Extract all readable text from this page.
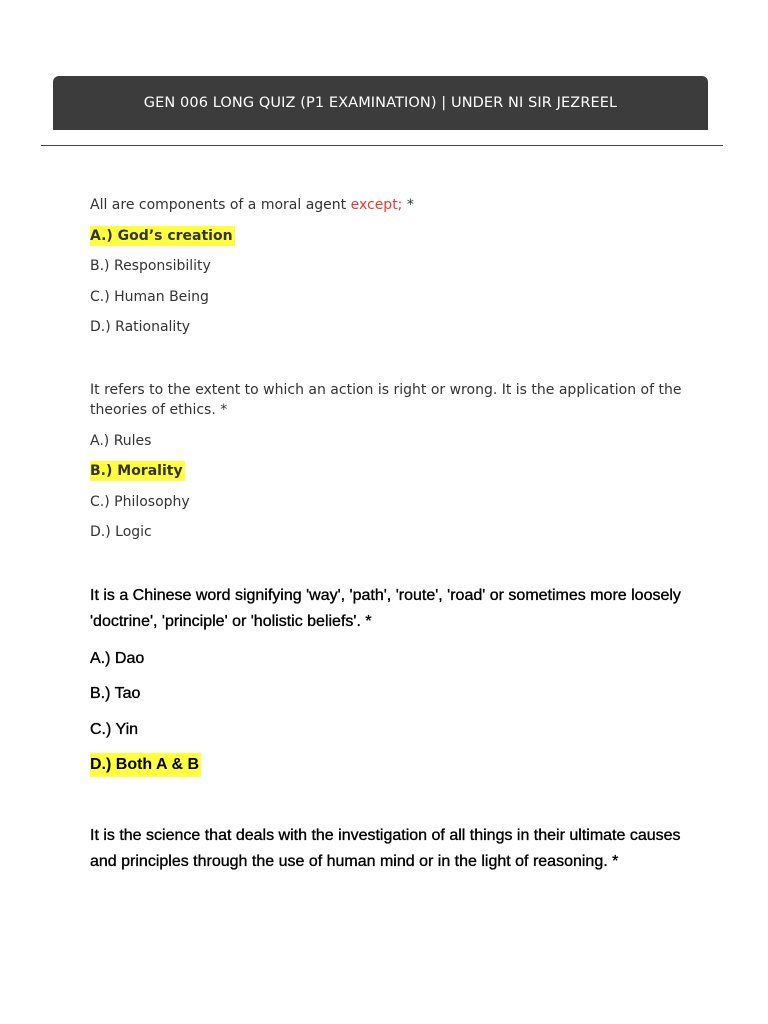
GEN 006 LONG QUIZ (P1 EXAMINATION) | UNDER NI SIR JEZREEL

All are components of a moral agent except; *

A.) God’s creation
B.) Responsibility
C.) Human Being
D.) Rationality

It refers to the extent to which an action is right or wrong. It is the application of the theories of ethics. *

A.) Rules
B.) Morality
C.) Philosophy
D.) Logic

It is a Chinese word signifying 'way', 'path', 'route', 'road' or sometimes more loosely 'doctrine', 'principle' or 'holistic beliefs'. *

A.) Dao
B.) Tao
C.) Yin
D.) Both A & B

It is the science that deals with the investigation of all things in their ultimate causes and principles through the use of human mind or in the light of reasoning. *
